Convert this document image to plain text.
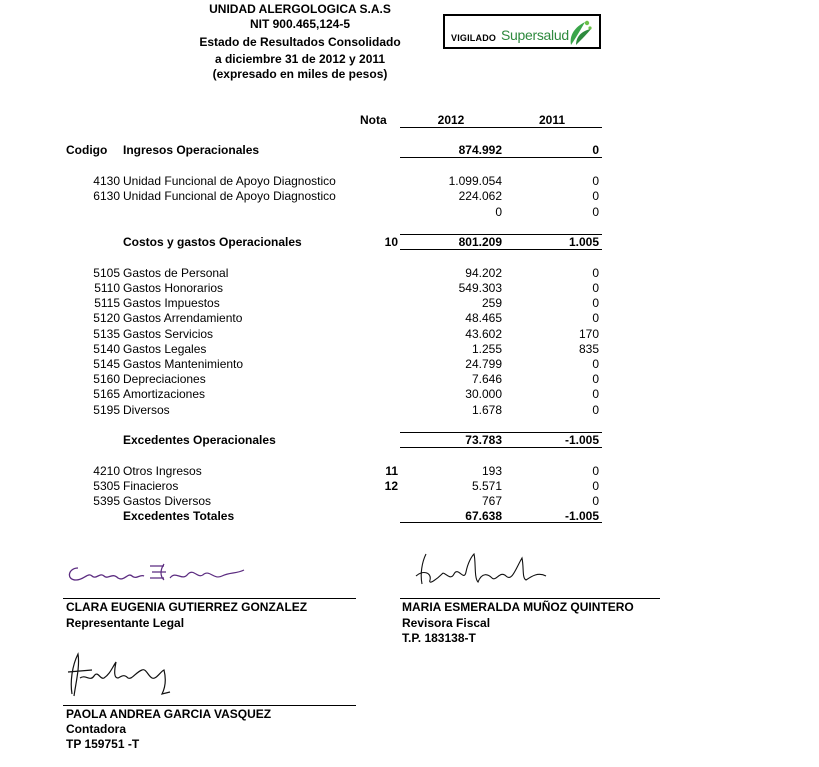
UNIDAD ALERGOLOGICA S.A.S
NIT 900.465,124-5
Estado de Resultados Consolidado
a diciembre 31 de 2012 y 2011
(expresado en miles de pesos)
VIGILADO Supersalud
Nota	2012	2011
Codigo Ingresos Operacionales	874.992	0
4130 Unidad Funcional de Apoyo Diagnostico	1.099.054	0
6130 Unidad Funcional de Apoyo Diagnostico	224.062	0
0	0
Costos y gastos Operacionales	10	801.209	1.005
5105 Gastos de Personal	94.202	0
5110 Gastos Honorarios	549.303	0
5115 Gastos Impuestos	259	0
5120 Gastos Arrendamiento	48.465	0
5135 Gastos Servicios	43.602	170
5140 Gastos Legales	1.255	835
5145 Gastos Mantenimiento	24.799	0
5160 Depreciaciones	7.646	0
5165 Amortizaciones	30.000	0
5195 Diversos	1.678	0
Excedentes Operacionales	73.783	-1.005
4210 Otros Ingresos	11	193	0
5305 Finacieros	12	5.571	0
5395 Gastos Diversos	767	0
Excedentes Totales	67.638	-1.005
CLARA EUGENIA GUTIERREZ GONZALEZ
Representante Legal
MARIA ESMERALDA MUÑOZ QUINTERO
Revisora Fiscal
T.P. 183138-T
PAOLA ANDREA GARCIA VASQUEZ
Contadora
TP 159751 -T
